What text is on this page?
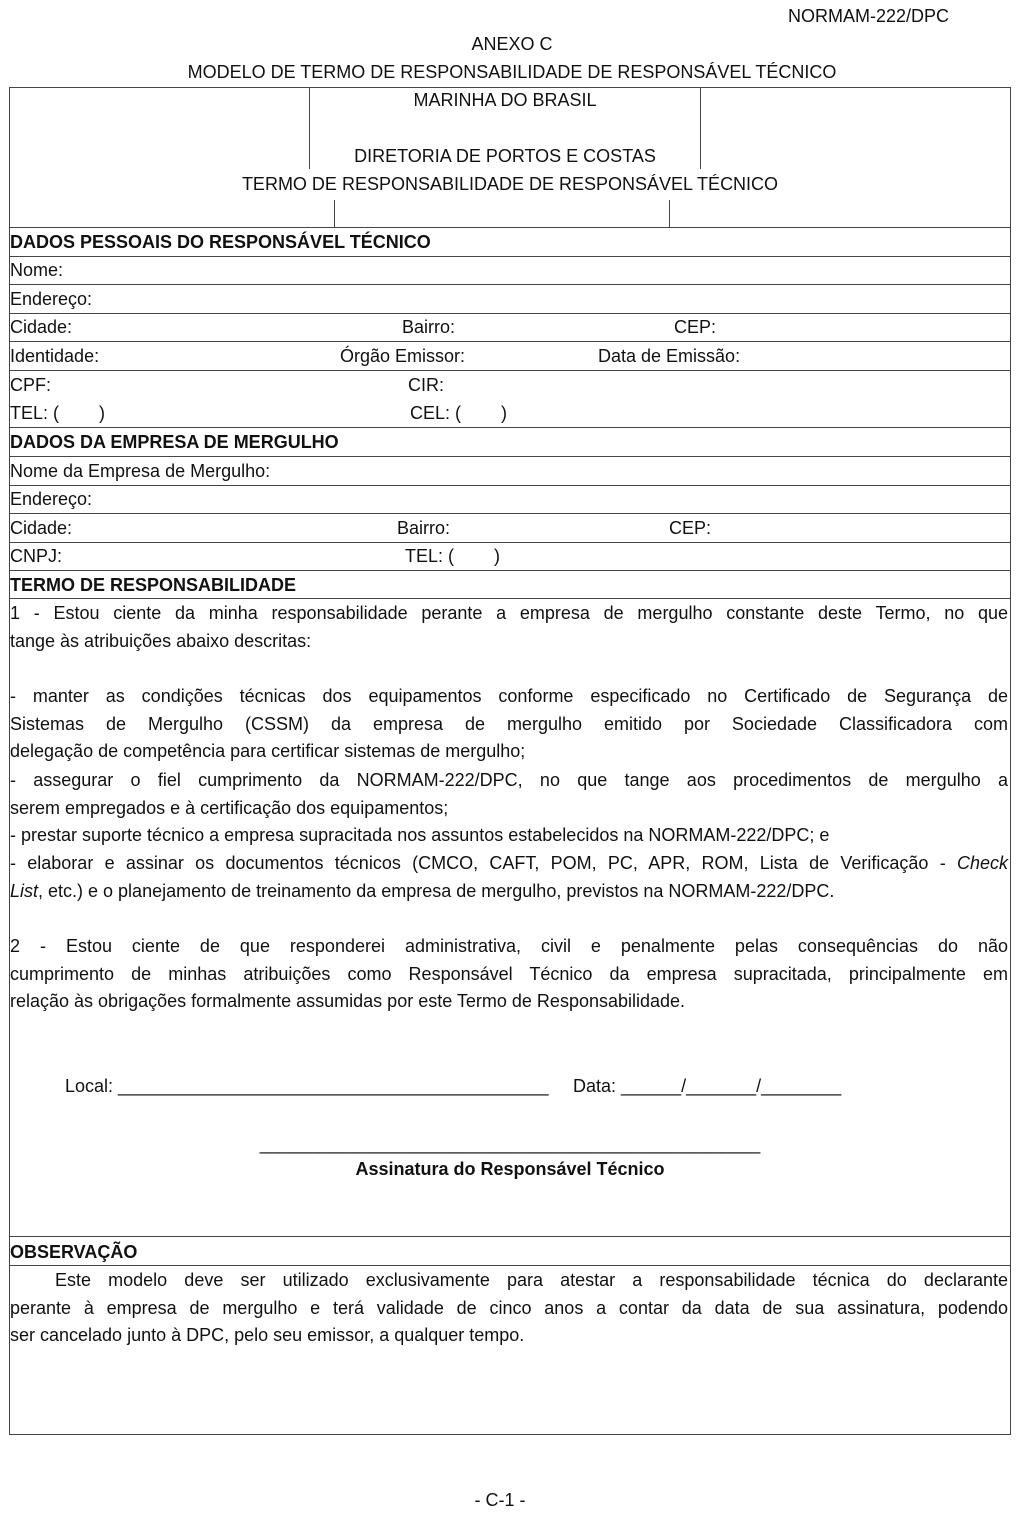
NORMAM-222/DPC
ANEXO C
MODELO DE TERMO DE RESPONSABILIDADE DE RESPONSÁVEL TÉCNICO
MARINHA DO BRASIL
DIRETORIA DE PORTOS E COSTAS
TERMO DE RESPONSABILIDADE DE RESPONSÁVEL TÉCNICO
DADOS PESSOAIS DO RESPONSÁVEL TÉCNICO
Nome:
Endereço:
Cidade:	Bairro:	CEP:
Identidade:	Órgão Emissor:	Data de Emissão:
CPF:	CIR:
TEL: (        )	CEL: (        )
DADOS DA EMPRESA DE MERGULHO
Nome da Empresa de Mergulho:
Endereço:
Cidade:	Bairro:	CEP:
CNPJ:	TEL: (        )
TERMO DE RESPONSABILIDADE
1 - Estou ciente da minha responsabilidade perante a empresa de mergulho constante deste Termo, no que
tange às atribuições abaixo descritas:
- manter as condições técnicas dos equipamentos conforme especificado no Certificado de Segurança de
Sistemas de Mergulho (CSSM) da empresa de mergulho emitido por Sociedade Classificadora com
delegação de competência para certificar sistemas de mergulho;
- assegurar o fiel cumprimento da NORMAM-222/DPC, no que tange aos procedimentos de mergulho a
serem empregados e à certificação dos equipamentos;
- prestar suporte técnico a empresa supracitada nos assuntos estabelecidos na NORMAM-222/DPC; e
- elaborar e assinar os documentos técnicos (CMCO, CAFT, POM, PC, APR, ROM, Lista de Verificação - Check
List, etc.) e o planejamento de treinamento da empresa de mergulho, previstos na NORMAM-222/DPC.
2 - Estou ciente de que responderei administrativa, civil e penalmente pelas consequências do não
cumprimento de minhas atribuições como Responsável Técnico da empresa supracitada, principalmente em
relação às obrigações formalmente assumidas por este Termo de Responsabilidade.
Local: ___________________________________________ Data: ______/_______/________
__________________________________________________
Assinatura do Responsável Técnico
OBSERVAÇÃO
Este modelo deve ser utilizado exclusivamente para atestar a responsabilidade técnica do declarante
perante à empresa de mergulho e terá validade de cinco anos a contar da data de sua assinatura, podendo
ser cancelado junto à DPC, pelo seu emissor, a qualquer tempo.
- C-1 -
